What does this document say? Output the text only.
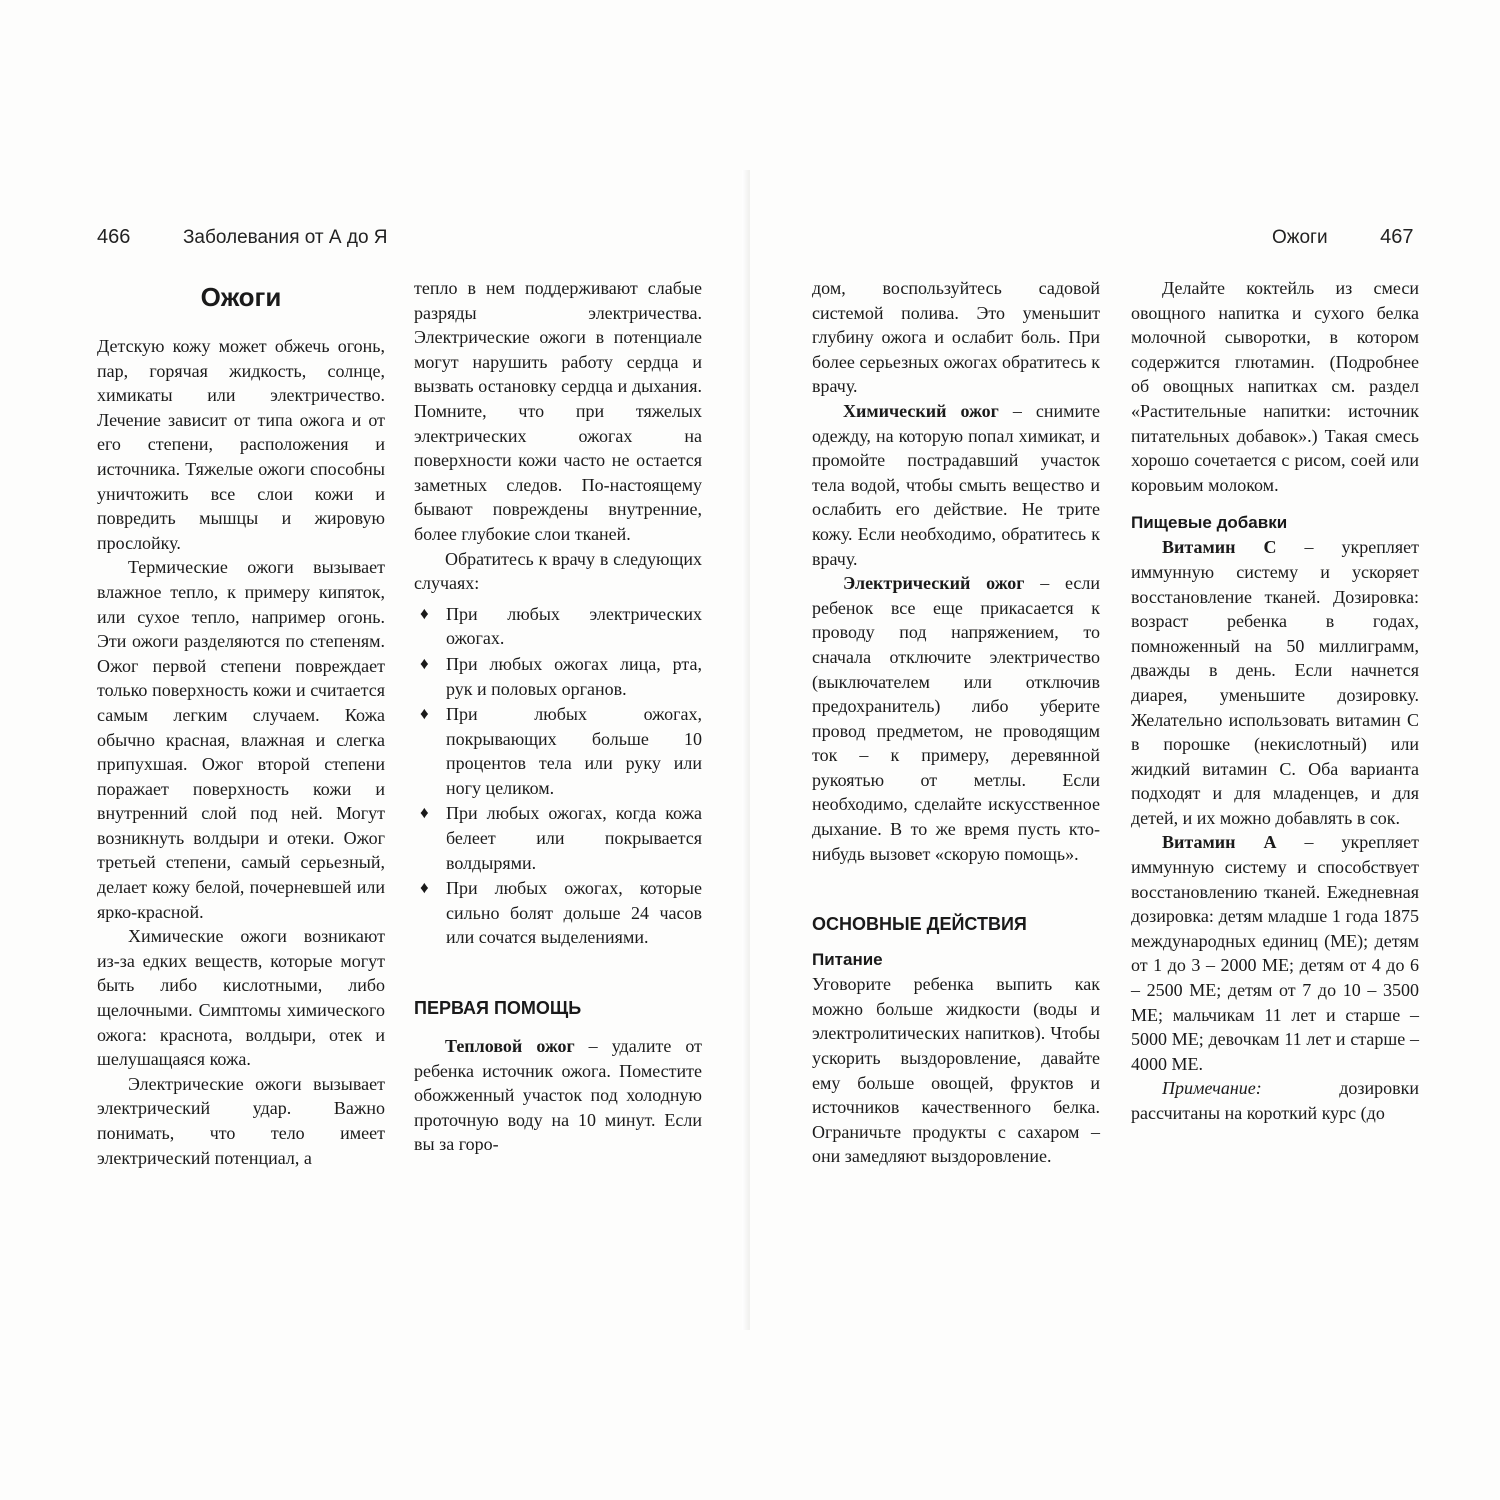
466	Заболевания от А до Я
Ожоги

Детскую кожу может обжечь огонь, пар, горячая жидкость, солнце, химикаты или электричество. Лечение зависит от типа ожога и от его степени, расположения и источника. Тяжелые ожоги способны уничтожить все слои кожи и повредить мышцы и жировую прослойку.

Термические ожоги вызывает влажное тепло, к примеру кипяток, или сухое тепло, например огонь. Эти ожоги разделяются по степеням. Ожог первой степени повреждает только поверхность кожи и считается самым легким случаем. Кожа обычно красная, влажная и слегка припухшая. Ожог второй степени поражает поверхность кожи и внутренний слой под ней. Могут возникнуть волдыри и отеки. Ожог третьей степени, самый серьезный, делает кожу белой, почерневшей или ярко-красной.

Химические ожоги возникают из-за едких веществ, которые могут быть либо кислотными, либо щелочными. Симптомы химического ожога: краснота, волдыри, отек и шелушащаяся кожа.

Электрические ожоги вызывает электрический удар. Важно понимать, что тело имеет электрический потенциал, а

тепло в нем поддерживают слабые разряды электричества. Электрические ожоги в потенциале могут нарушить работу сердца и вызвать остановку сердца и дыхания. Помните, что при тяжелых электрических ожогах на поверхности кожи часто не остается заметных следов. По-настоящему бывают повреждены внутренние, более глубокие слои тканей.

Обратитесь к врачу в следующих случаях:

♦ При любых электрических ожогах.
♦ При любых ожогах лица, рта, рук и половых органов.
♦ При любых ожогах, покрывающих больше 10 процентов тела или руку или ногу целиком.
♦ При любых ожогах, когда кожа белеет или покрывается волдырями.
♦ При любых ожогах, которые сильно болят дольше 24 часов или сочатся выделениями.
ПЕРВАЯ ПОМОЩЬ

Тепловой ожог – удалите от ребенка источник ожога. Поместите обожженный участок под холодную проточную воду на 10 минут. Если вы за горо-

Ожоги	467

дом, воспользуйтесь садовой системой полива. Это уменьшит глубину ожога и ослабит боль. При более серьезных ожогах обратитесь к врачу.

Химический ожог – снимите одежду, на которую попал химикат, и промойте пострадавший участок тела водой, чтобы смыть вещество и ослабить его действие. Не трите кожу. Если необходимо, обратитесь к врачу.

Электрический ожог – если ребенок все еще прикасается к проводу под напряжением, то сначала отключите электричество (выключателем или отключив предохранитель) либо уберите провод предметом, не проводящим ток – к примеру, деревянной рукоятью от метлы. Если необходимо, сделайте искусственное дыхание. В то же время пусть кто-нибудь вызовет «скорую помощь».

ОСНОВНЫЕ ДЕЙСТВИЯ
Питание

Уговорите ребенка выпить как можно больше жидкости (воды и электролитических напитков). Чтобы ускорить выздоровление, давайте ему больше овощей, фруктов и источников качественного белка. Ограничьте продукты с сахаром – они замедляют выздоровление.

Делайте коктейль из смеси овощного напитка и сухого белка молочной сыворотки, в котором содержится глютамин. (Подробнее об овощных напитках см. раздел «Растительные напитки: источник питательных добавок».) Такая смесь хорошо сочетается с рисом, соей или коровьим молоком.

Пищевые добавки

Витамин С – укрепляет иммунную систему и ускоряет восстановление тканей. Дозировка: возраст ребенка в годах, помноженный на 50 миллиграмм, дважды в день. Если начнется диарея, уменьшите дозировку. Желательно использовать витамин С в порошке (некислотный) или жидкий витамин С. Оба варианта подходят и для младенцев, и для детей, и их можно добавлять в сок.

Витамин А – укрепляет иммунную систему и способствует восстановлению тканей. Ежедневная дозировка: детям младше 1 года 1875 международных единиц (МЕ); детям от 1 до 3 – 2000 МЕ; детям от 4 до 6 – 2500 МЕ; детям от 7 до 10 – 3500 МЕ; мальчикам 11 лет и старше – 5000 МЕ; девочкам 11 лет и старше – 4000 МЕ.

Примечание: дозировки рассчитаны на короткий курс (до
